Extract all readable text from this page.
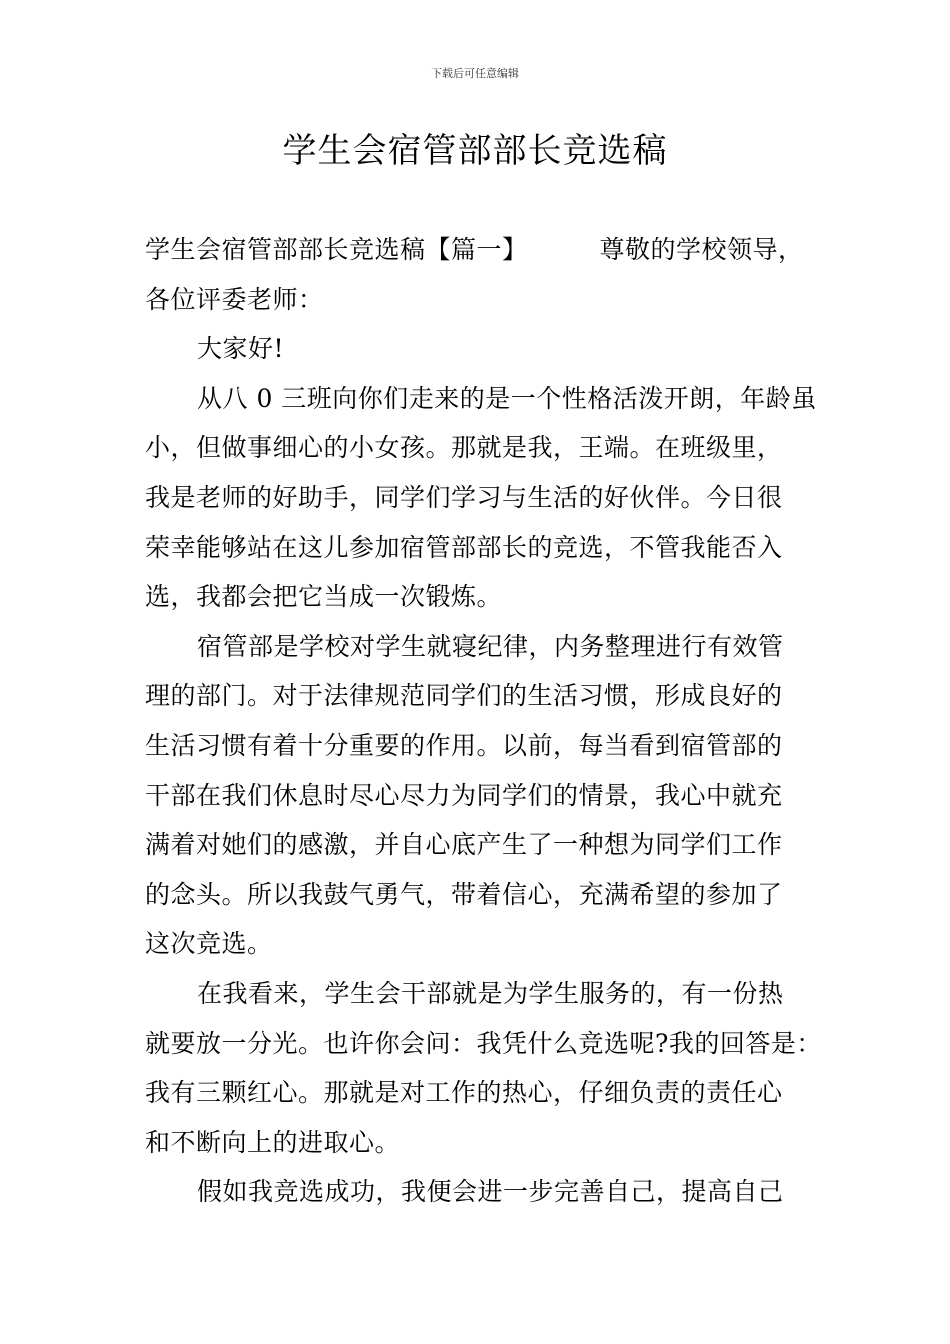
下载后可任意编辑
学生会宿管部部长竞选稿
学生会宿管部部长竞选稿【篇一】	尊敬的学校领导，
各位评委老师：
大家好!
从八 0 三班向你们走来的是一个性格活泼开朗，年龄虽
小，但做事细心的小女孩。那就是我，王端。在班级里，
我是老师的好助手，同学们学习与生活的好伙伴。今日很
荣幸能够站在这儿参加宿管部部长的竞选，不管我能否入
选，我都会把它当成一次锻炼。
宿管部是学校对学生就寝纪律，内务整理进行有效管
理的部门。对于法律规范同学们的生活习惯，形成良好的
生活习惯有着十分重要的作用。以前，每当看到宿管部的
干部在我们休息时尽心尽力为同学们的情景，我心中就充
满着对她们的感激，并自心底产生了一种想为同学们工作
的念头。所以我鼓气勇气，带着信心，充满希望的参加了
这次竞选。
在我看来，学生会干部就是为学生服务的，有一份热
就要放一分光。也许你会问：我凭什么竞选呢?我的回答是：
我有三颗红心。那就是对工作的热心，仔细负责的责任心
和不断向上的进取心。
假如我竞选成功，我便会进一步完善自己，提高自己
